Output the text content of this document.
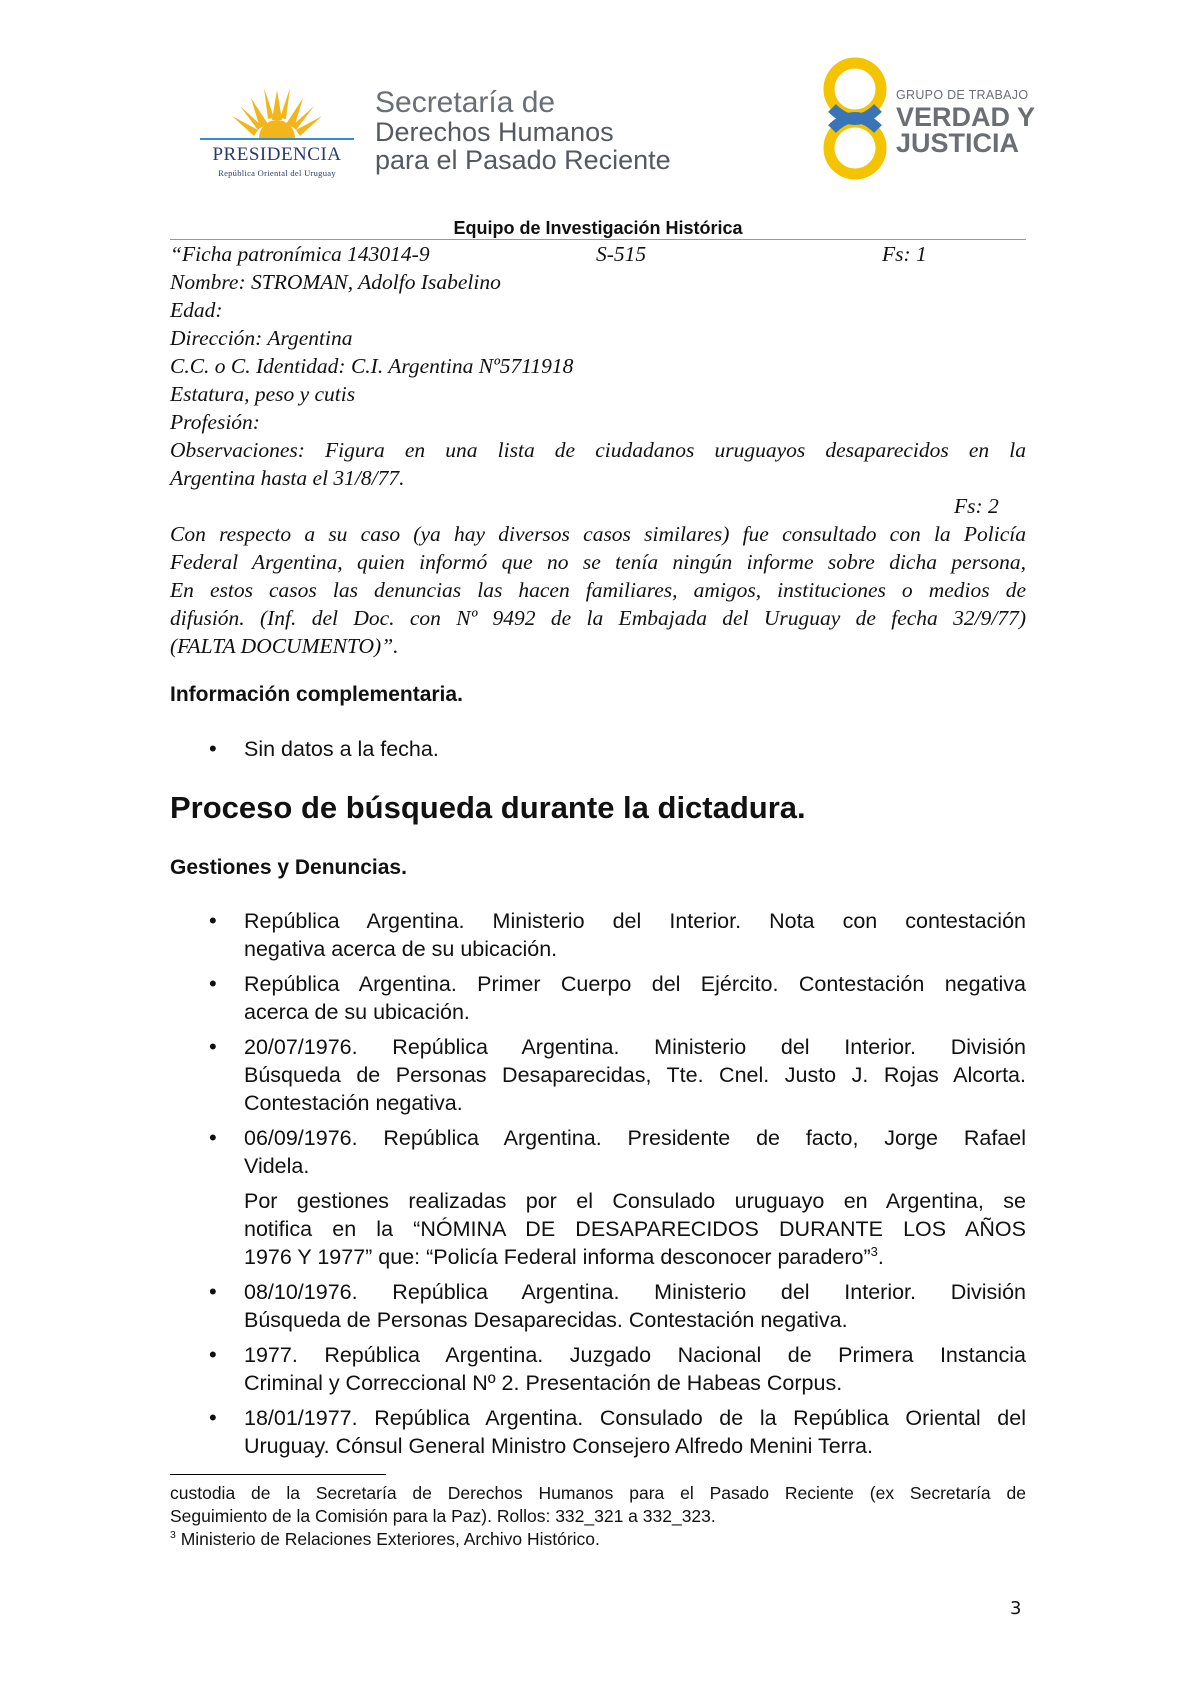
PRESIDENCIA
República Oriental del Uruguay
Secretaría de
Derechos Humanos
para el Pasado Reciente
GRUPO DE TRABAJO
VERDAD Y
JUSTICIA
Equipo de Investigación Histórica
“Ficha patronímica 143014-9	S-515	Fs: 1
Nombre: STROMAN, Adolfo Isabelino
Edad:
Dirección: Argentina
C.C. o C. Identidad: C.I. Argentina Nº5711918
Estatura, peso y cutis
Profesión:
Observaciones: Figura en una lista de ciudadanos uruguayos desaparecidos en la
Argentina hasta el 31/8/77.
Fs: 2
Con respecto a su caso (ya hay diversos casos similares) fue consultado con la Policía
Federal Argentina, quien informó que no se tenía ningún informe sobre dicha persona,
En estos casos las denuncias las hacen familiares, amigos, instituciones o medios de
difusión. (Inf. del Doc. con Nº 9492 de la Embajada del Uruguay de fecha 32/9/77)
(FALTA DOCUMENTO)”.
Información complementaria.
• Sin datos a la fecha.
Proceso de búsqueda durante la dictadura.
Gestiones y Denuncias.
• República Argentina. Ministerio del Interior. Nota con contestación
negativa acerca de su ubicación.
• República Argentina. Primer Cuerpo del Ejército. Contestación negativa
acerca de su ubicación.
• 20/07/1976. República Argentina. Ministerio del Interior. División
Búsqueda de Personas Desaparecidas, Tte. Cnel. Justo J. Rojas Alcorta.
Contestación negativa.
• 06/09/1976. República Argentina. Presidente de facto, Jorge Rafael
Videla.
Por gestiones realizadas por el Consulado uruguayo en Argentina, se
notifica en la “NÓMINA DE DESAPARECIDOS DURANTE LOS AÑOS
1976 Y 1977” que: “Policía Federal informa desconocer paradero”$^3$.
• 08/10/1976. República Argentina. Ministerio del Interior. División
Búsqueda de Personas Desaparecidas. Contestación negativa.
• 1977. República Argentina. Juzgado Nacional de Primera Instancia
Criminal y Correccional Nº 2. Presentación de Habeas Corpus.
• 18/01/1977. República Argentina. Consulado de la República Oriental del
Uruguay. Cónsul General Ministro Consejero Alfredo Menini Terra.
custodia de la Secretaría de Derechos Humanos para el Pasado Reciente (ex Secretaría de
Seguimiento de la Comisión para la Paz). Rollos: 332_321 a 332_323.
$^3$ Ministerio de Relaciones Exteriores, Archivo Histórico.
3
